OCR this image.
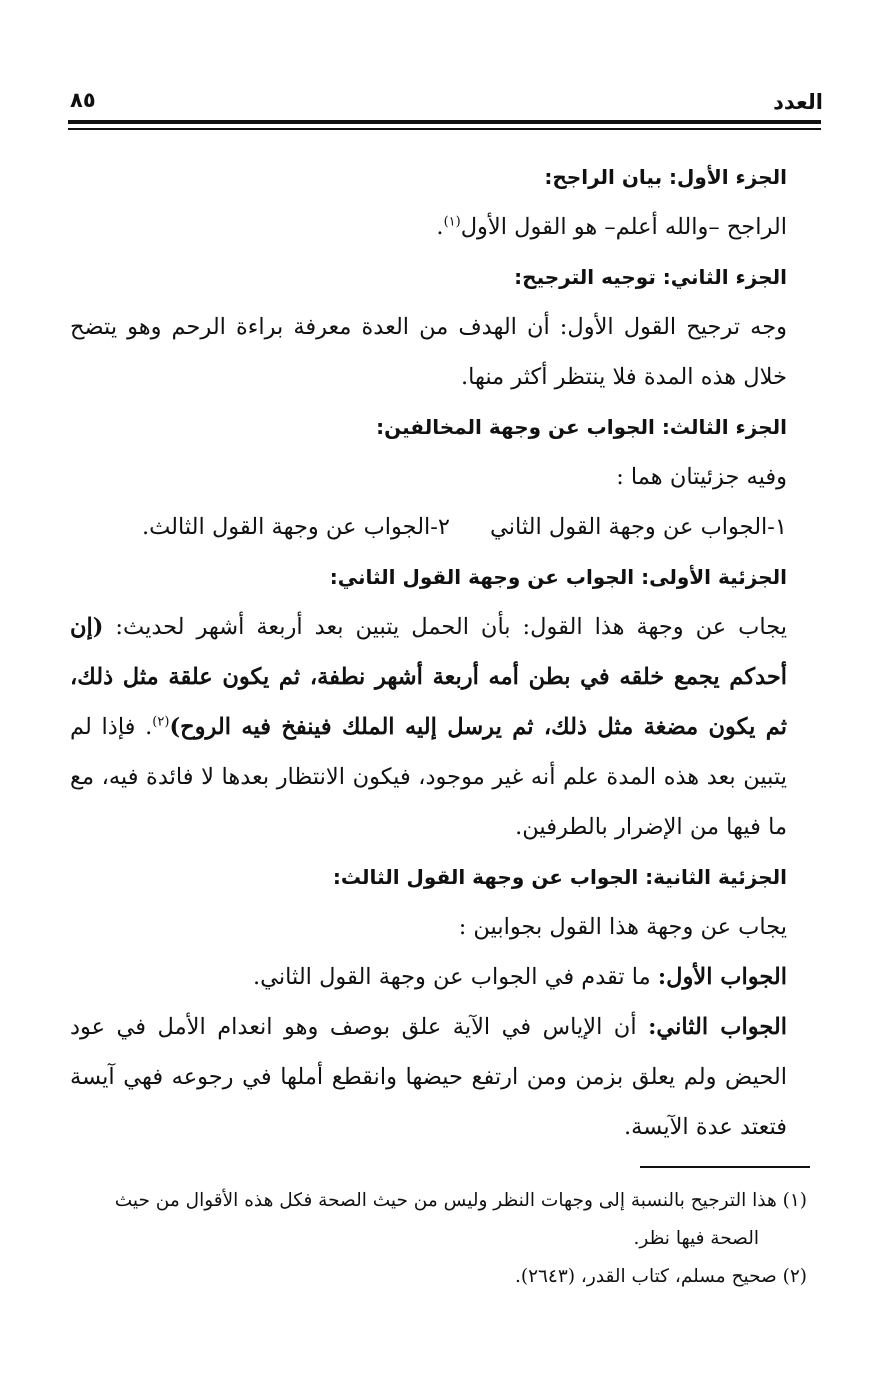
العدد
٨٥

الجزء الأول: بيان الراجح:

الراجح –والله أعلم– هو القول الأول$^{(١)}$.

الجزء الثاني: توجيه الترجيح:

وجه ترجيح القول الأول: أن الهدف من العدة معرفة براءة الرحم وهو يتضح خلال هذه المدة فلا ينتظر أكثر منها.

الجزء الثالث: الجواب عن وجهة المخالفين:

وفيه جزئيتان هما :

١-الجواب عن وجهة القول الثاني
٢-الجواب عن وجهة القول الثالث.

الجزئية الأولى: الجواب عن وجهة القول الثاني:

يجاب عن وجهة هذا القول: بأن الحمل يتبين بعد أربعة أشهر لحديث: (إن أحدكم يجمع خلقه في بطن أمه أربعة أشهر نطفة، ثم يكون علقة مثل ذلك، ثم يكون مضغة مثل ذلك، ثم يرسل إليه الملك فينفخ فيه الروح)$^{(٢)}$. فإذا لم يتبين بعد هذه المدة علم أنه غير موجود، فيكون الانتظار بعدها لا فائدة فيه، مع ما فيها من الإضرار بالطرفين.

الجزئية الثانية: الجواب عن وجهة القول الثالث:

يجاب عن وجهة هذا القول بجوابين :

الجواب الأول: ما تقدم في الجواب عن وجهة القول الثاني.

الجواب الثاني: أن الإياس في الآية علق بوصف وهو انعدام الأمل في عود الحيض ولم يعلق بزمن ومن ارتفع حيضها وانقطع أملها في رجوعه فهي آيسة فتعتد عدة الآيسة.

(١) هذا الترجيح بالنسبة إلى وجهات النظر وليس من حيث الصحة فكل هذه الأقوال من حيث

الصحة فيها نظر.

(٢) صحيح مسلم، كتاب القدر، (٢٦٤٣).
